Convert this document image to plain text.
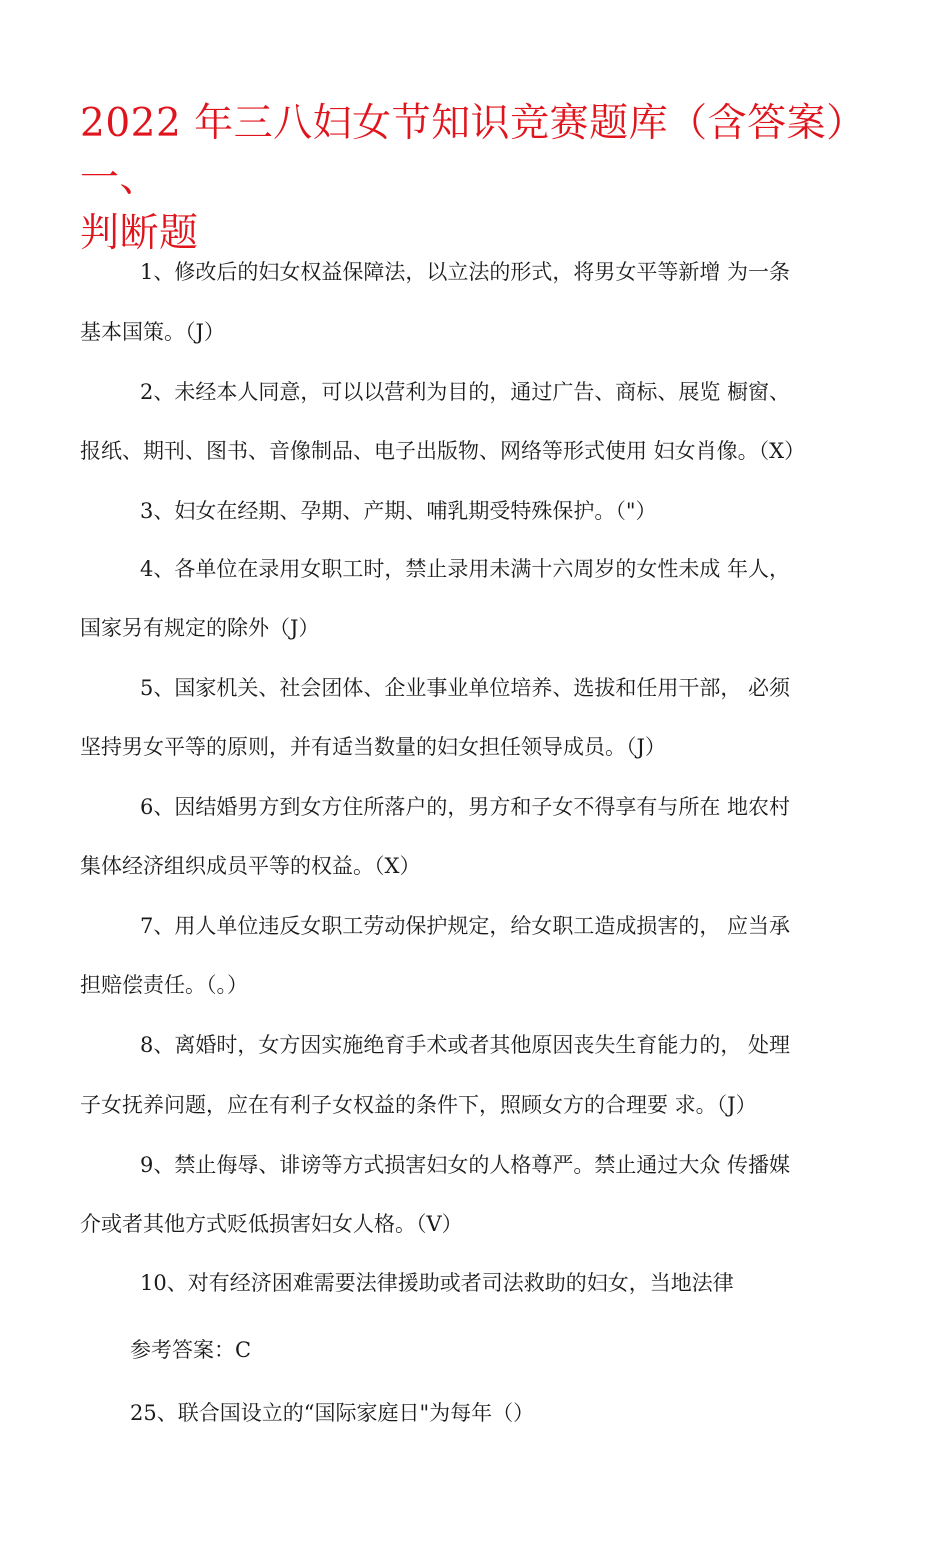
2022 年三八妇女节知识竞赛题库（含答案）一、
判断题

1、修改后的妇女权益保障法，以立法的形式，将男女平等新增 为一条

基本国策。（J）

2、未经本人同意，可以以营利为目的，通过广告、商标、展览 橱窗、

报纸、期刊、图书、音像制品、电子出版物、网络等形式使用 妇女肖像。（X）

3、妇女在经期、孕期、产期、哺乳期受特殊保护。（"）

4、各单位在录用女职工时，禁止录用未满十六周岁的女性未成 年人，

国家另有规定的除外（J）

5、国家机关、社会团体、企业事业单位培养、选拔和任用干部， 必须

坚持男女平等的原则，并有适当数量的妇女担任领导成员。（J）

6、因结婚男方到女方住所落户的，男方和子女不得享有与所在 地农村

集体经济组织成员平等的权益。（X）

7、用人单位违反女职工劳动保护规定，给女职工造成损害的， 应当承

担赔偿责任。（。）

8、离婚时，女方因实施绝育手术或者其他原因丧失生育能力的， 处理

子女抚养问题，应在有利子女权益的条件下，照顾女方的合理要 求。（J）

9、禁止侮辱、诽谤等方式损害妇女的人格尊严。禁止通过大众 传播媒

介或者其他方式贬低损害妇女人格。（V）

10、对有经济困难需要法律援助或者司法救助的妇女，当地法律

参考答案：C

25、联合国设立的“国际家庭日"为每年（）
